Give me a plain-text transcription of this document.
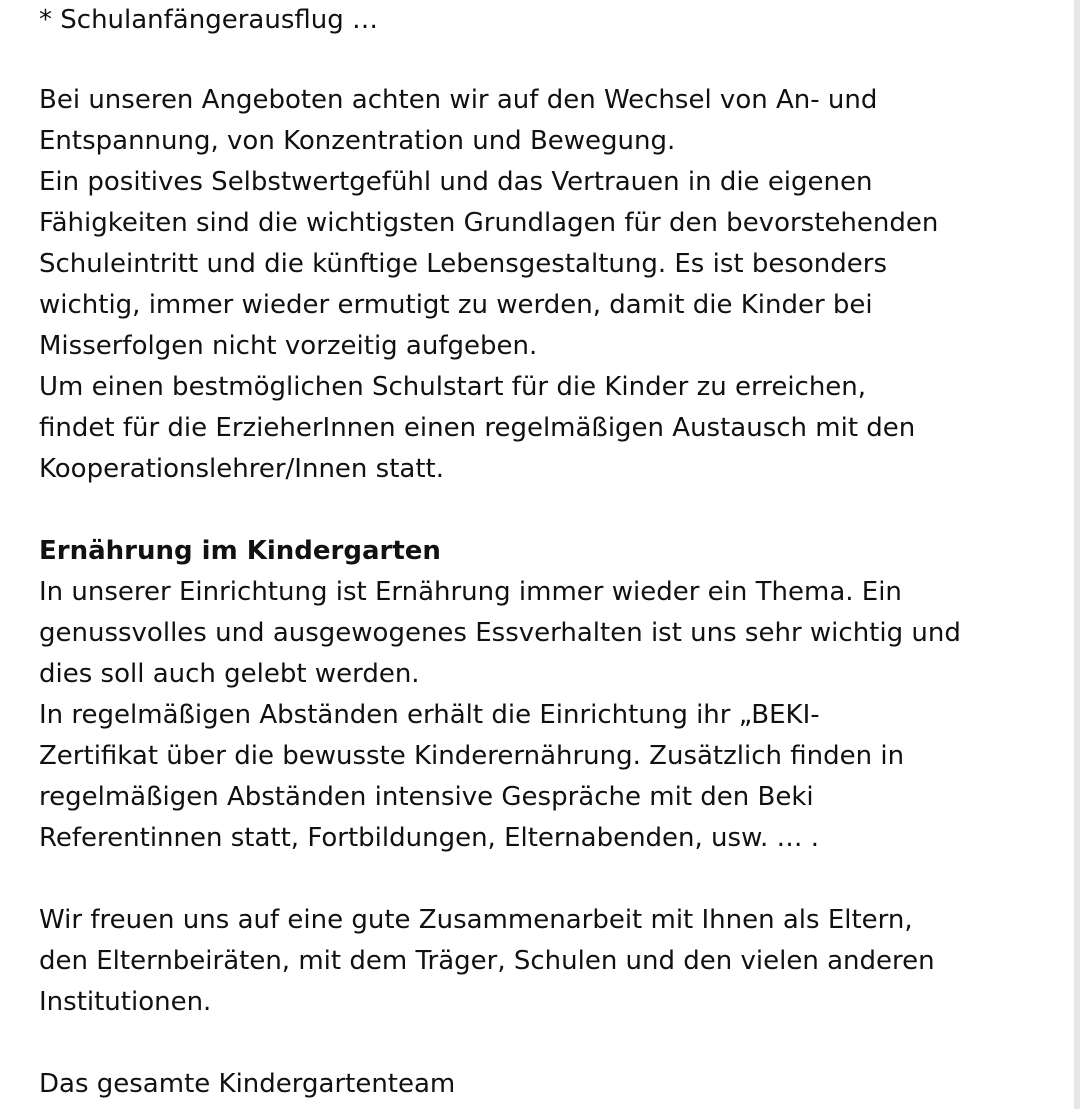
* Schulanfängerausflug …
Bei unseren Angeboten achten wir auf den Wechsel von An- und
Entspannung, von Konzentration und Bewegung.
Ein positives Selbstwertgefühl und das Vertrauen in die eigenen
Fähigkeiten sind die wichtigsten Grundlagen für den bevorstehenden
Schuleintritt und die künftige Lebensgestaltung. Es ist besonders
wichtig, immer wieder ermutigt zu werden, damit die Kinder bei
Misserfolgen nicht vorzeitig aufgeben.
Um einen bestmöglichen Schulstart für die Kinder zu erreichen,
findet für die ErzieherInnen einen regelmäßigen Austausch mit den
Kooperationslehrer/Innen statt.
Ernährung im Kindergarten
In unserer Einrichtung ist Ernährung immer wieder ein Thema. Ein
genussvolles und ausgewogenes Essverhalten ist uns sehr wichtig und
dies soll auch gelebt werden.
In regelmäßigen Abständen erhält die Einrichtung ihr „BEKI-
Zertifikat über die bewusste Kinderernährung. Zusätzlich finden in
regelmäßigen Abständen intensive Gespräche mit den Beki
Referentinnen statt, Fortbildungen, Elternabenden, usw. … .
Wir freuen uns auf eine gute Zusammenarbeit mit Ihnen als Eltern,
den Elternbeiräten, mit dem Träger, Schulen und den vielen anderen
Institutionen.
Das gesamte Kindergartenteam
